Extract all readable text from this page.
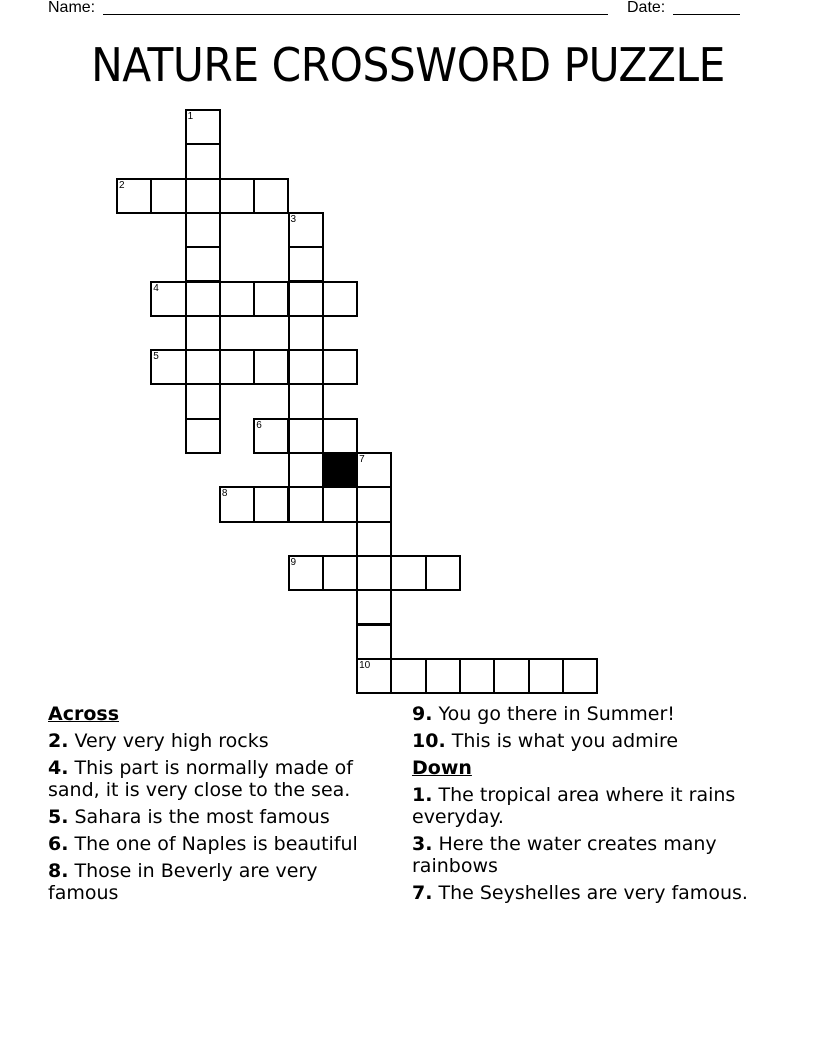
Name:	Date:
NATURE CROSSWORD PUZZLE
1
2
3
4
5
6
7
8
9
10
Across
2. Very very high rocks
4. This part is normally made of sand, it is very close to the sea.
5. Sahara is the most famous
6. The one of Naples is beautiful
8. Those in Beverly are very famous
9. You go there in Summer!
10. This is what you admire
Down
1. The tropical area where it rains everyday.
3. Here the water creates many rainbows
7. The Seyshelles are very famous.
